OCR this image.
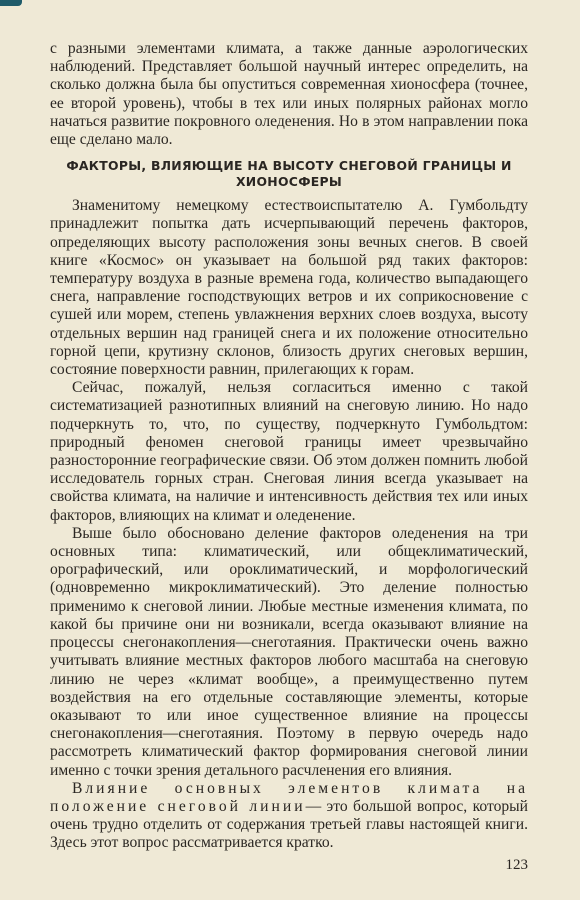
с разными элементами климата, а также данные аэрологических наблюдений. Представляет большой научный интерес определить, на сколько должна была бы опуститься современная хионосфера (точнее, ее второй уровень), чтобы в тех или иных полярных районах могло начаться развитие покровного оледенения. Но в этом направлении пока еще сделано мало.

ФАКТОРЫ, ВЛИЯЮЩИЕ НА ВЫСОТУ СНЕГОВОЙ ГРАНИЦЫ И ХИОНОСФЕРЫ

Знаменитому немецкому естествоиспытателю А. Гумбольдту принадлежит попытка дать исчерпывающий перечень факторов, определяющих высоту расположения зоны вечных снегов. В своей книге «Космос» он указывает на большой ряд таких факторов: температуру воздуха в разные времена года, количество выпадающего снега, направление господствующих ветров и их соприкосновение с сушей или морем, степень увлажнения верхних слоев воздуха, высоту отдельных вершин над границей снега и их положение относительно горной цепи, крутизну склонов, близость других снеговых вершин, состояние поверхности равнин, прилегающих к горам.

Сейчас, пожалуй, нельзя согласиться именно с такой систематизацией разнотипных влияний на снеговую линию. Но надо подчеркнуть то, что, по существу, подчеркнуто Гумбольдтом: природный феномен снеговой границы имеет чрезвычайно разносторонние географические связи. Об этом должен помнить любой исследователь горных стран. Снеговая линия всегда указывает на свойства климата, на наличие и интенсивность действия тех или иных факторов, влияющих на климат и оледенение.

Выше было обосновано деление факторов оледенения на три основных типа: климатический, или общеклиматический, орографический, или ороклиматический, и морфологический (одновременно микроклиматический). Это деление полностью применимо к снеговой линии. Любые местные изменения климата, по какой бы причине они ни возникали, всегда оказывают влияние на процессы снегонакопления—снеготаяния. Практически очень важно учитывать влияние местных факторов любого масштаба на снеговую линию не через «климат вообще», а преимущественно путем воздействия на его отдельные составляющие элементы, которые оказывают то или иное существенное влияние на процессы снегонакопления—снеготаяния. Поэтому в первую очередь надо рассмотреть климатический фактор формирования снеговой линии именно с точки зрения детального расчленения его влияния.

Влияние основных элементов климата на положение снеговой линии— это большой вопрос, который очень трудно отделить от содержания третьей главы настоящей книги. Здесь этот вопрос рассматривается кратко.

123
